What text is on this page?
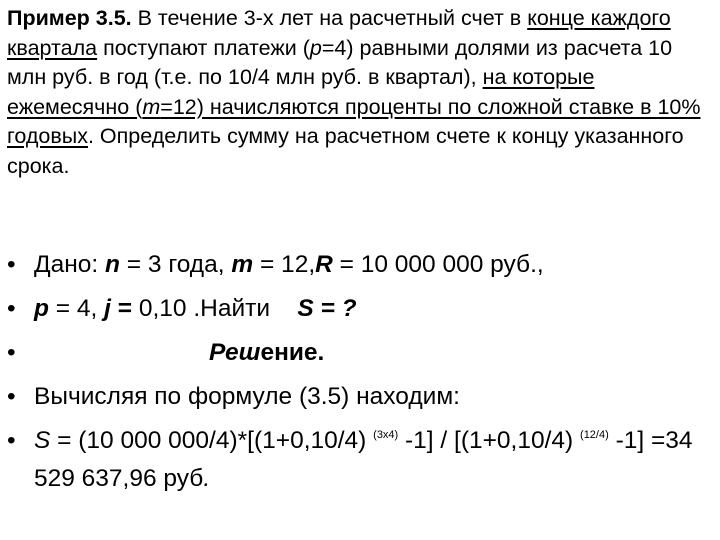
Пример 3.5. В течение 3-х лет на расчетный счет в конце каждого квартала поступают платежи (p=4) равными долями из расчета 10 млн руб. в год (т.е. по 10/4 млн руб. в квартал), на которые ежемесячно (m=12) начисляются проценты по сложной ставке в 10% годовых. Определить сумму на расчетном счете к концу указанного срока.
• Дано: n = 3 года, m = 12,R = 10 000 000 руб.,
• p = 4, j = 0,10 .Найти    S = ?
•	Решение.
• Вычисляя по формуле (3.5) находим:
• S = (10 000 000/4)*[(1+0,10/4) $^{(3x4)}$ -1] / [(1+0,10/4) $^{(12/4)}$ -1] =34 529 637,96 руб.
